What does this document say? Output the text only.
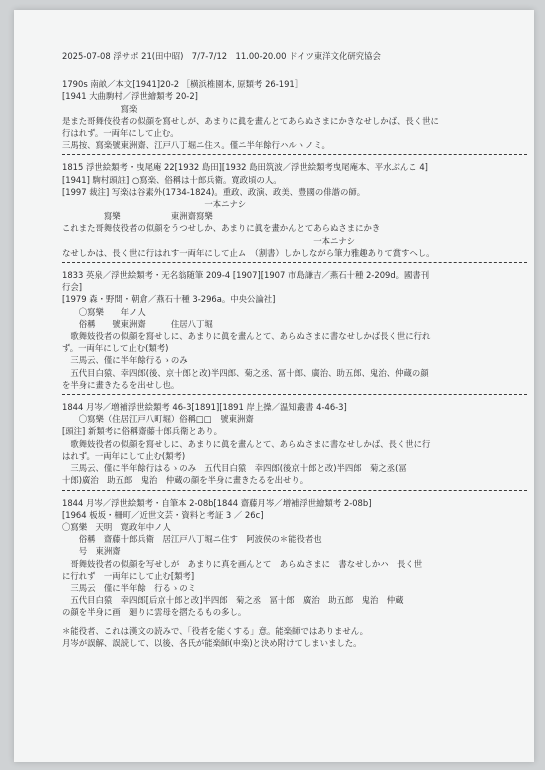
2025-07-08 浮サポ 21(田中昭)　7/7-7/12　11.00-20.00 ドイツ東洋文化研究協会
1790s 南畝／本文[1941]20-2 ［横浜椎園本, 原類考 26-191］
[1941 大曲駒村／浮世繪類考 20-2]
　　　　　　　寫楽
是また哥舞伎役者の似顔を寫せしが、あまりに眞を畫んとてあらぬさまにかきなせしかば、長く世に
行はれず。一両年にして止む。
三馬按、寫楽號東洲齋、江戸八丁堀ニ住ス。僅ニ半年餘行ハルヽノミ。
1815 浮世絵類考・曳尾庵 22[1932 島田][1932 島田筑波／浮世絵類考曳尾庵本、平水ぶんこ 4]
[1941] 駒村頭註] ○寫楽、俗稱は十郎兵衛。寛政頃の人。
[1997 裁注] 写楽は谷素外(1734-1824)。重政、政演、政美、豊國の俳諧の師。
　　　　　　　　　　　　　　　　　一本ニナシ
　　　　　寫樂　　　　　　東洲齋寫樂
これまた哥舞伎役者の似顔をうつせしか、あまりに眞を畫かんとてあらぬさまにかき
　　　　　　　　　　　　　　　　　　　　　　　　　　　　　　一本ニナシ
なせしかは、長く世に行はれす一両年にして止ム　（割書）しかしながら筆力雅趣ありて賞すへし。
1833 英泉／浮世絵類考・无名翁随筆 209-4 [1907][1907 市島謙吉／燕石十種 2-209d。國書刊
行会]
[1979 森・野間・朝倉／燕石十種 3-296a。中央公論社]
　　〇寫樂　　年ノ人
　　俗稱　　號東洲齋　　　住居八丁堀
　歌舞妓役者の似顔を寫せしに、あまりに眞を畫んとて、あらぬさまに書なせしかば長く世に行れ
ず。一両年にして止む(類考)
　三馬云、僅に半年餘行るゝのみ
　五代目白猿、幸四郎(後、京十郎と改)半四郎、菊之丞、冨十郎、廣治、助五郎、鬼治、仲蔵の顔
を半身に畫きたるを出せし也。
1844 月岑／増補浮世絵類考 46-3[1891][1891 岸上操／温知叢書 4-46-3]
　　〇寫樂（住居江戸八町堀）俗稱□□　號東洲齋
[頭注] 新類考に俗稱齋藤十郎兵衛とあり。
　歌舞妓役者の似顔を寫せしに、あまりに眞を畫んとて、あらぬさまに書なせしかば、長く世に行
はれず。一両年にして止む(類考)
　三馬云、僅に半年餘行はるゝのみ　五代目白猿　幸四郎(後京十郎と改)半四郎　菊之丞(冨
十郎)廣治　助五郎　鬼治　仲蔵の顔を半身に畫きたるを出せり。
1844 月岑／浮世絵類考・自筆本 2-08b[1844 齋藤月岑／増補浮世繪類考 2-08b]
[1964 板坂・柵町／近世文芸・資料と考証 3 ／ 26c]
〇寫樂　天明　寛政年中ノ人
　　俗稱　齋藤十郎兵衛　居江戸八丁堀ニ住す　阿波侯の＊能役者也
　　号　東洲齋
　哥舞妓役者の似顔を写せしが　あまりに真を画んとて　あらぬさまに　書なせしかハ　長く世
に行れず　一両年にして止む[類考]
　三馬云　僅に半年餘　行るゝのミ
　五代目白猿　幸四郎[后京十郎と改]半四郎　菊之丞　冨十郎　廣治　助五郎　鬼治　仲蔵
の顔を半身に画　廻りに雲母を摺たるもの多し。
＊能役者、これは漢文の読みで、「役者を能くする」意。能楽師ではありません。
月岑が誤解、誤読して、以後、各氏が能楽師(申楽)と決め附けてしまいました。
